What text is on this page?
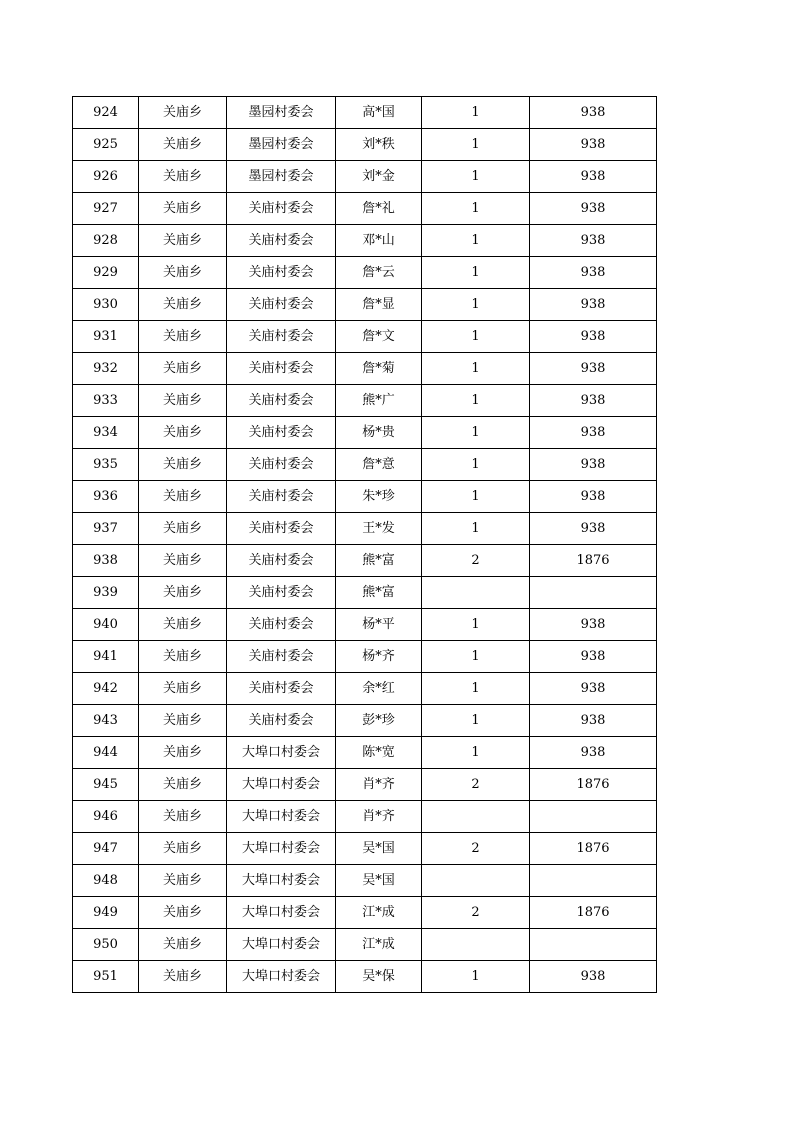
924	关庙乡	墨园村委会	高*国	1	938
925	关庙乡	墨园村委会	刘*秩	1	938
926	关庙乡	墨园村委会	刘*金	1	938
927	关庙乡	关庙村委会	詹*礼	1	938
928	关庙乡	关庙村委会	邓*山	1	938
929	关庙乡	关庙村委会	詹*云	1	938
930	关庙乡	关庙村委会	詹*显	1	938
931	关庙乡	关庙村委会	詹*文	1	938
932	关庙乡	关庙村委会	詹*菊	1	938
933	关庙乡	关庙村委会	熊*广	1	938
934	关庙乡	关庙村委会	杨*贵	1	938
935	关庙乡	关庙村委会	詹*意	1	938
936	关庙乡	关庙村委会	朱*珍	1	938
937	关庙乡	关庙村委会	王*发	1	938
938	关庙乡	关庙村委会	熊*富	2	1876
939	关庙乡	关庙村委会	熊*富		
940	关庙乡	关庙村委会	杨*平	1	938
941	关庙乡	关庙村委会	杨*齐	1	938
942	关庙乡	关庙村委会	余*红	1	938
943	关庙乡	关庙村委会	彭*珍	1	938
944	关庙乡	大埠口村委会	陈*宽	1	938
945	关庙乡	大埠口村委会	肖*齐	2	1876
946	关庙乡	大埠口村委会	肖*齐		
947	关庙乡	大埠口村委会	吴*国	2	1876
948	关庙乡	大埠口村委会	吴*国		
949	关庙乡	大埠口村委会	江*成	2	1876
950	关庙乡	大埠口村委会	江*成		
951	关庙乡	大埠口村委会	吴*保	1	938
